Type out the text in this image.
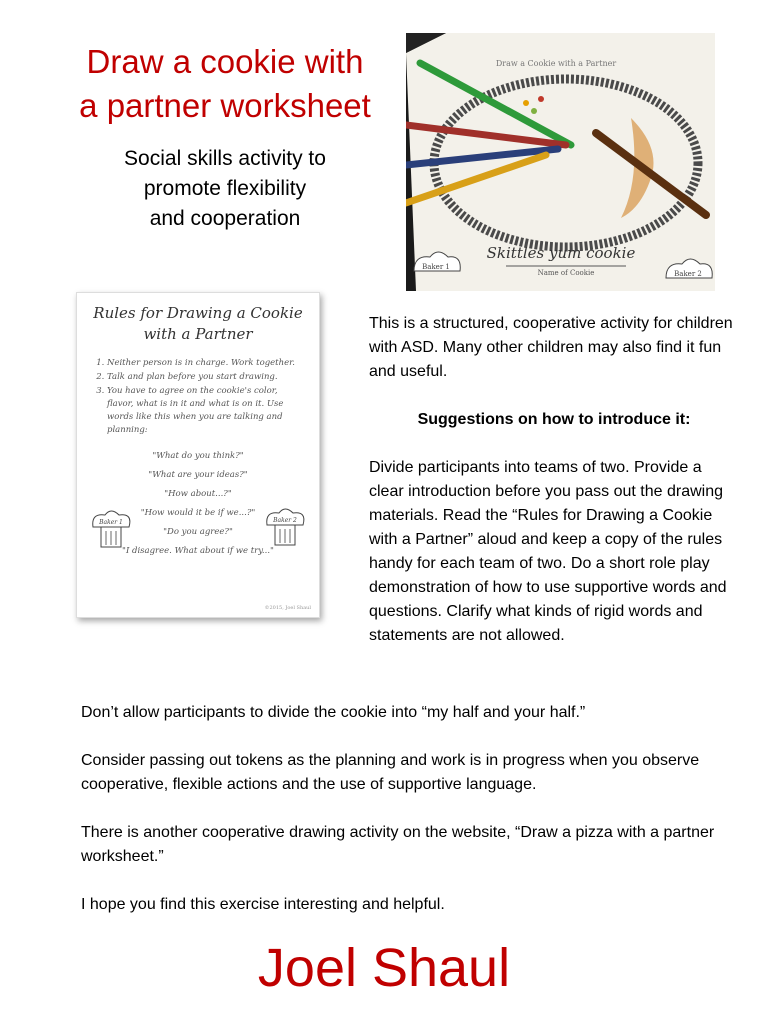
Draw a cookie with
a partner worksheet
Social skills activity to
promote flexibility
and cooperation
Draw a Cookie with a Partner
Skittles yum cookie
Name of Cookie
Baker 1
Baker 2
Rules for Drawing a Cookie
with a Partner
1. Neither person is in charge. Work together.
2. Talk and plan before you start drawing.
3. You have to agree on the cookie's color, flavor, what is in it and what is on it. Use words like this when you are talking and planning:
"What do you think?"
"What are your ideas?"
"How about...?"
"How would it be if we...?"
"Do you agree?"
"I disagree. What about if we try..."
Baker 1	Baker 2
©2015, Joel Shaul

This is a structured, cooperative activity for children with ASD. Many other children may also find it fun and useful.

Suggestions on how to introduce it:

Divide participants into teams of two. Provide a clear introduction before you pass out the drawing materials. Read the “Rules for Drawing a Cookie with a Partner” aloud and keep a copy of the rules handy for each team of two. Do a short role play demonstration of how to use supportive words and questions. Clarify what kinds of rigid words and statements are not allowed.

Don’t allow participants to divide the cookie into “my half and your half.”

Consider passing out tokens as the planning and work is in progress when you observe cooperative, flexible actions and the use of supportive language.

There is another cooperative drawing activity on the website, “Draw a pizza with a partner worksheet.”

I hope you find this exercise interesting and helpful.

Joel Shaul
